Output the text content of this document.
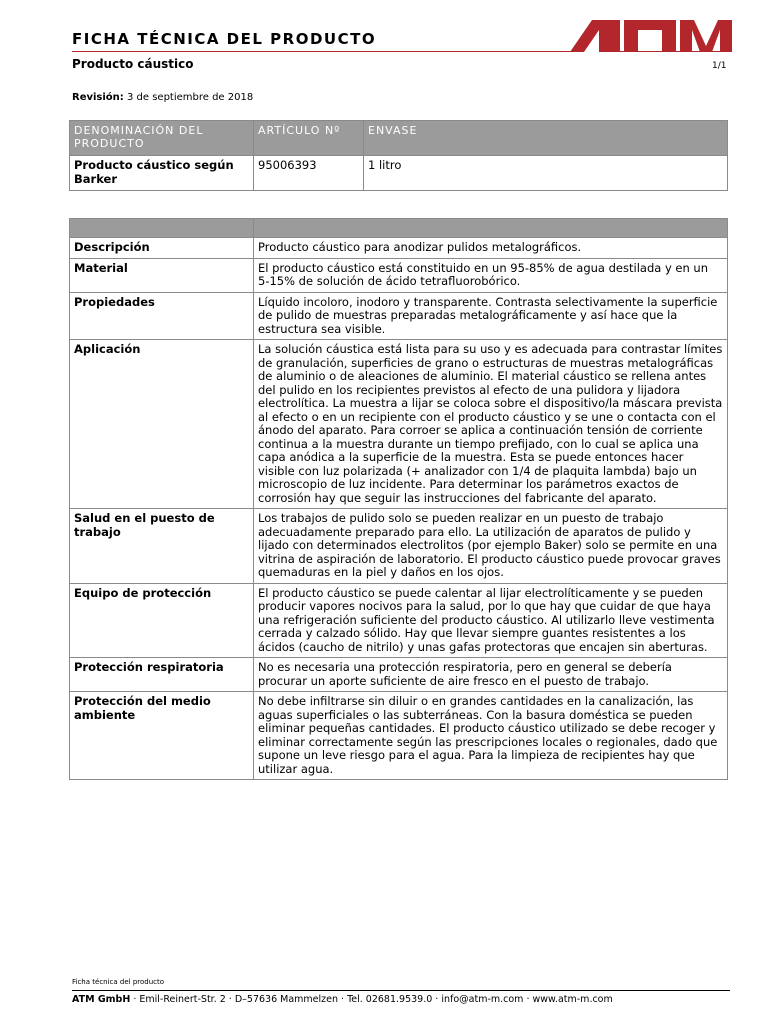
FICHA TÉCNICA DEL PRODUCTO
Producto cáustico	1/1
Revisión: 3 de septiembre de 2018
DENOMINACIÓN DEL PRODUCTO	ARTÍCULO Nº	ENVASE
Producto cáustico según Barker	95006393	1 litro

Descripción	Producto cáustico para anodizar pulidos metalográficos.
Material	El producto cáustico está constituido en un 95-85% de agua destilada y en un 5-15% de solución de ácido tetrafluorobórico.
Propiedades	Líquido incoloro, inodoro y transparente. Contrasta selectivamente la superficie de pulido de muestras preparadas metalográficamente y así hace que la estructura sea visible.
Aplicación	La solución cáustica está lista para su uso y es adecuada para contrastar límites de granulación, superficies de grano o estructuras de muestras metalográficas de aluminio o de aleaciones de aluminio. El material cáustico se rellena antes del pulido en los recipientes previstos al efecto de una pulidora y lijadora electrolítica. La muestra a lijar se coloca sobre el dispositivo/la máscara prevista al efecto o en un recipiente con el producto cáustico y se une o contacta con el ánodo del aparato. Para corroer se aplica a continuación tensión de corriente continua a la muestra durante un tiempo prefijado, con lo cual se aplica una capa anódica a la superficie de la muestra. Esta se puede entonces hacer visible con luz polarizada (+ analizador con 1/4 de plaquita lambda) bajo un microscopio de luz incidente. Para determinar los parámetros exactos de corrosión hay que seguir las instrucciones del fabricante del aparato.
Salud en el puesto de trabajo	Los trabajos de pulido solo se pueden realizar en un puesto de trabajo adecuadamente preparado para ello. La utilización de aparatos de pulido y lijado con determinados electrolitos (por ejemplo Baker) solo se permite en una vitrina de aspiración de laboratorio. El producto cáustico puede provocar graves quemaduras en la piel y daños en los ojos.
Equipo de protección	El producto cáustico se puede calentar al lijar electrolíticamente y se pueden producir vapores nocivos para la salud, por lo que hay que cuidar de que haya una refrigeración suficiente del producto cáustico. Al utilizarlo lleve vestimenta cerrada y calzado sólido. Hay que llevar siempre guantes resistentes a los ácidos (caucho de nitrilo) y unas gafas protectoras que encajen sin aberturas.
Protección respiratoria	No es necesaria una protección respiratoria, pero en general se debería procurar un aporte suficiente de aire fresco en el puesto de trabajo.
Protección del medio ambiente	No debe infiltrarse sin diluir o en grandes cantidades en la canalización, las aguas superficiales o las subterráneas. Con la basura doméstica se pueden eliminar pequeñas cantidades. El producto cáustico utilizado se debe recoger y eliminar correctamente según las prescripciones locales o regionales, dado que supone un leve riesgo para el agua. Para la limpieza de recipientes hay que utilizar agua.
Ficha técnica del producto
ATM GmbH · Emil-Reinert-Str. 2 · D–57636 Mammelzen · Tel. 02681.9539.0 · info@atm-m.com · www.atm-m.com
